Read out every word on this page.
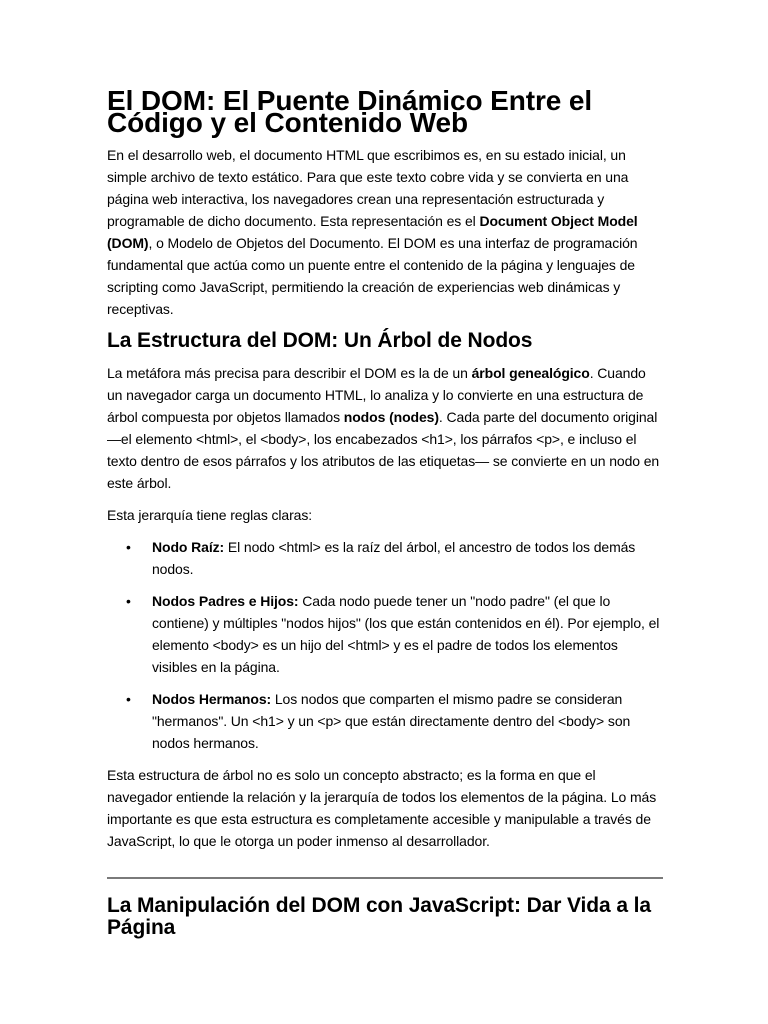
El DOM: El Puente Dinámico Entre el Código y el Contenido Web

En el desarrollo web, el documento HTML que escribimos es, en su estado inicial, un simple archivo de texto estático. Para que este texto cobre vida y se convierta en una página web interactiva, los navegadores crean una representación estructurada y programable de dicho documento. Esta representación es el Document Object Model (DOM), o Modelo de Objetos del Documento. El DOM es una interfaz de programación fundamental que actúa como un puente entre el contenido de la página y lenguajes de scripting como JavaScript, permitiendo la creación de experiencias web dinámicas y receptivas.

La Estructura del DOM: Un Árbol de Nodos

La metáfora más precisa para describir el DOM es la de un árbol genealógico. Cuando un navegador carga un documento HTML, lo analiza y lo convierte en una estructura de árbol compuesta por objetos llamados nodos (nodes). Cada parte del documento original —el elemento <html>, el <body>, los encabezados <h1>, los párrafos <p>, e incluso el texto dentro de esos párrafos y los atributos de las etiquetas— se convierte en un nodo en este árbol.

Esta jerarquía tiene reglas claras:

•	Nodo Raíz: El nodo <html> es la raíz del árbol, el ancestro de todos los demás nodos.
•	Nodos Padres e Hijos: Cada nodo puede tener un "nodo padre" (el que lo contiene) y múltiples "nodos hijos" (los que están contenidos en él). Por ejemplo, el elemento <body> es un hijo del <html> y es el padre de todos los elementos visibles en la página.
•	Nodos Hermanos: Los nodos que comparten el mismo padre se consideran "hermanos". Un <h1> y un <p> que están directamente dentro del <body> son nodos hermanos.

Esta estructura de árbol no es solo un concepto abstracto; es la forma en que el navegador entiende la relación y la jerarquía de todos los elementos de la página. Lo más importante es que esta estructura es completamente accesible y manipulable a través de JavaScript, lo que le otorga un poder inmenso al desarrollador.

La Manipulación del DOM con JavaScript: Dar Vida a la Página
